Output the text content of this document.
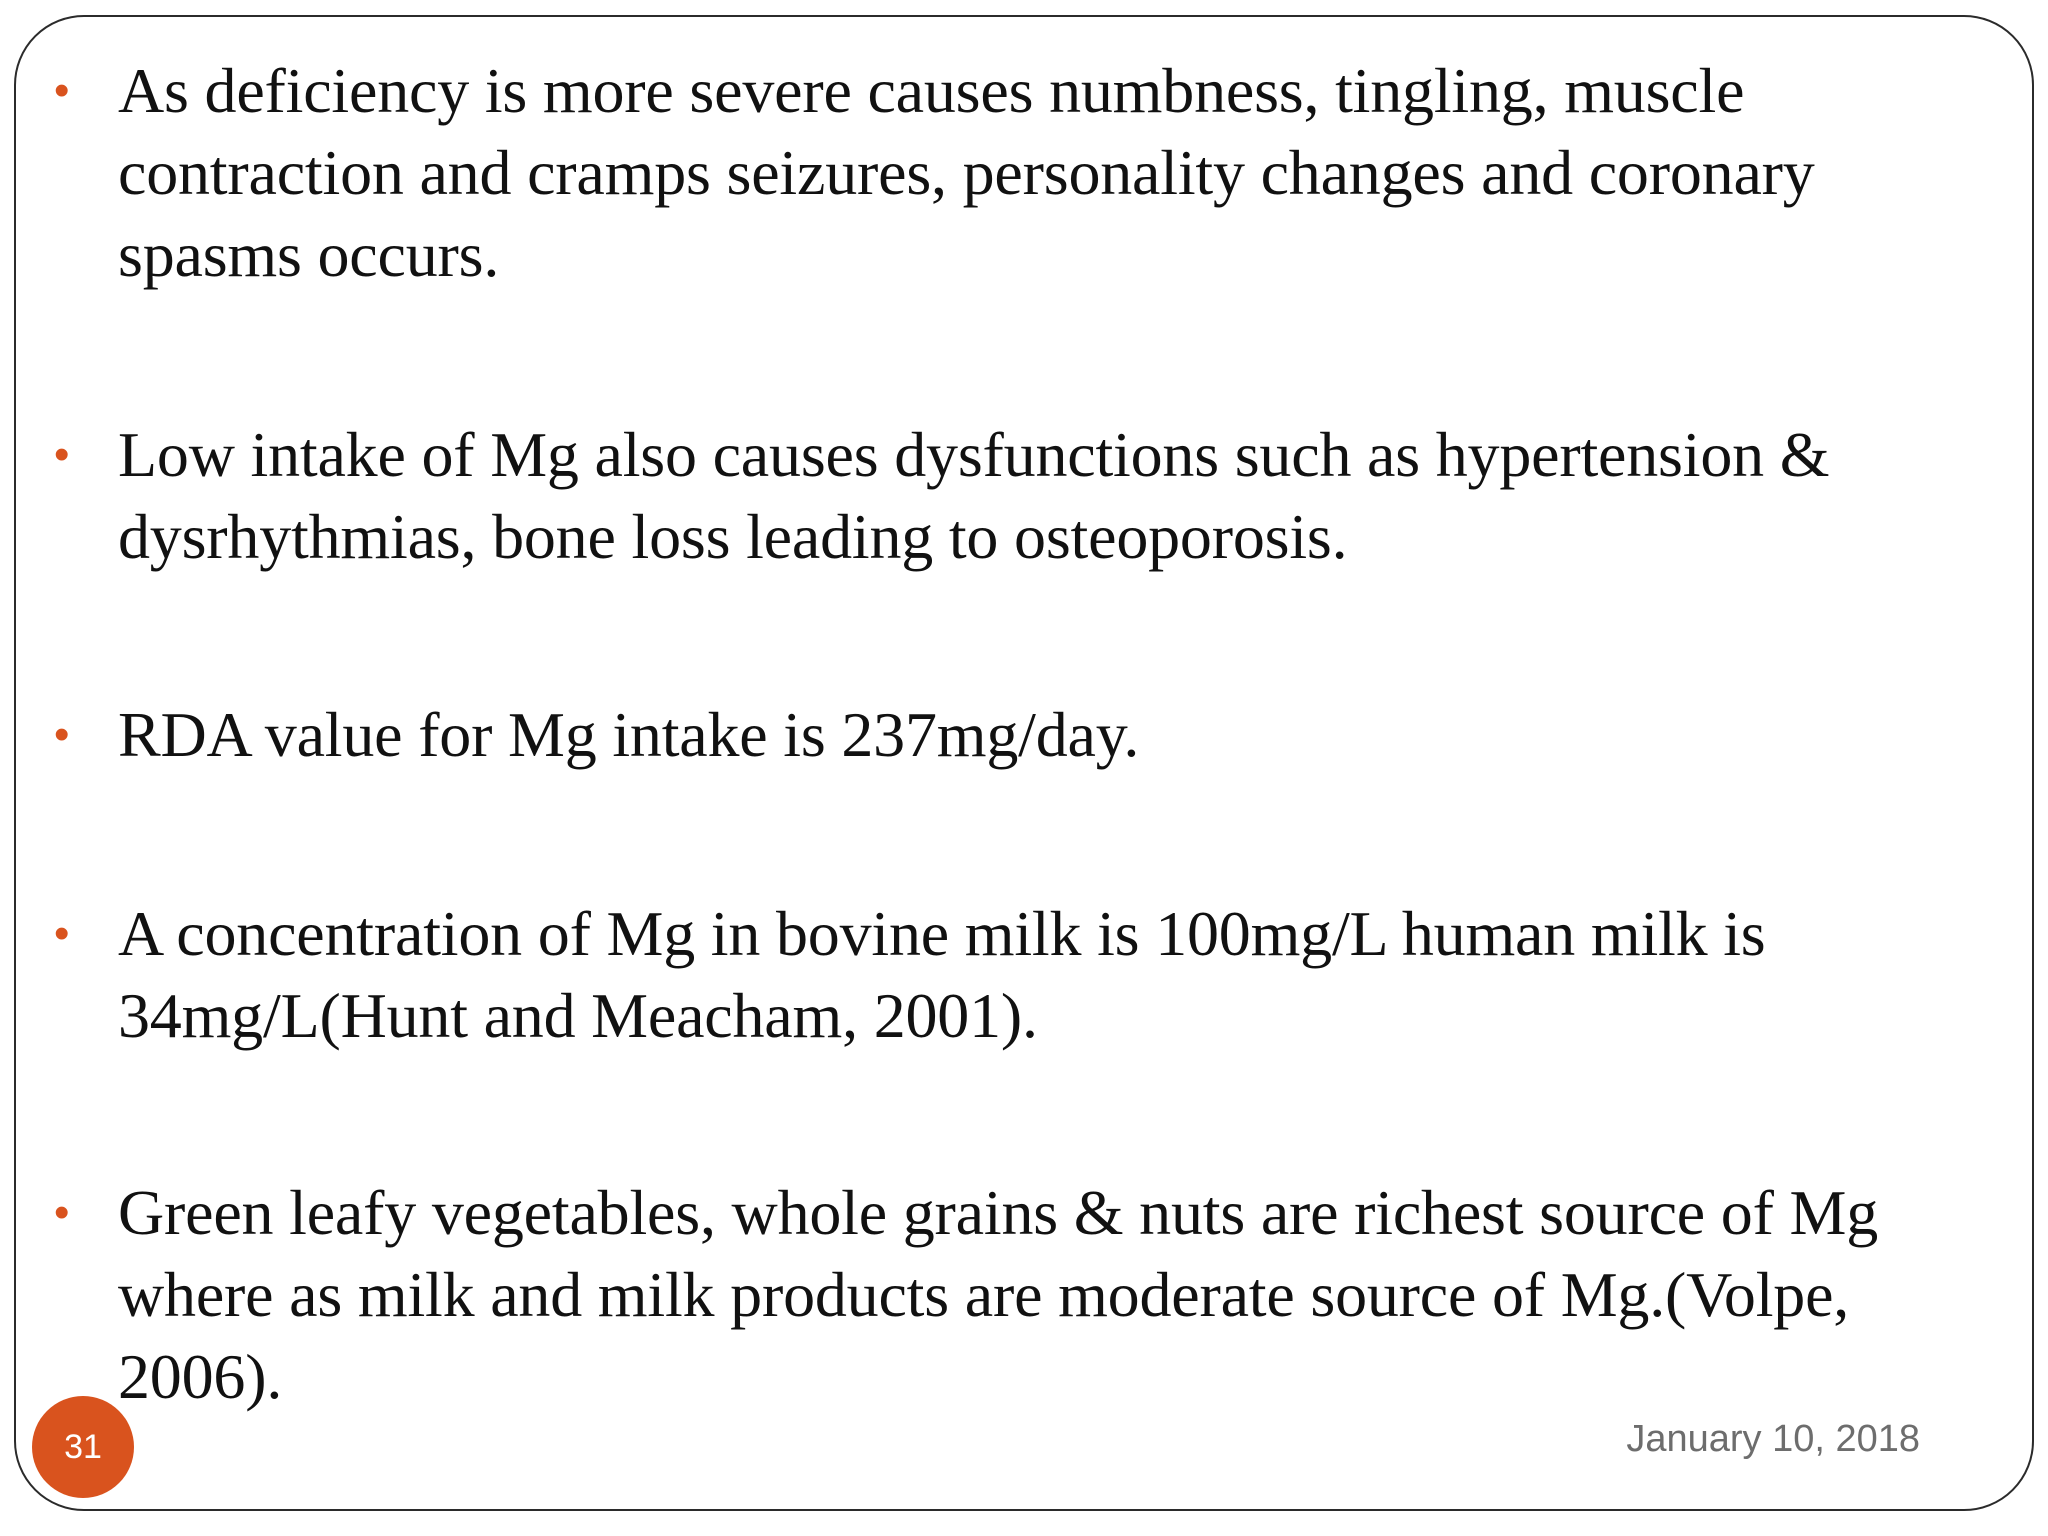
• As deficiency is more severe causes numbness, tingling, muscle contraction and cramps seizures, personality changes and coronary spasms occurs.
• Low intake of Mg also causes dysfunctions such as hypertension & dysrhythmias, bone loss leading to osteoporosis.
• RDA value for Mg intake is 237mg/day.
• A concentration of Mg in bovine milk is 100mg/L human milk is 34mg/L(Hunt and Meacham, 2001).
• Green leafy vegetables, whole grains & nuts are richest source of Mg where as milk and milk products are moderate source of Mg.(Volpe, 2006).
31	January 10, 2018
